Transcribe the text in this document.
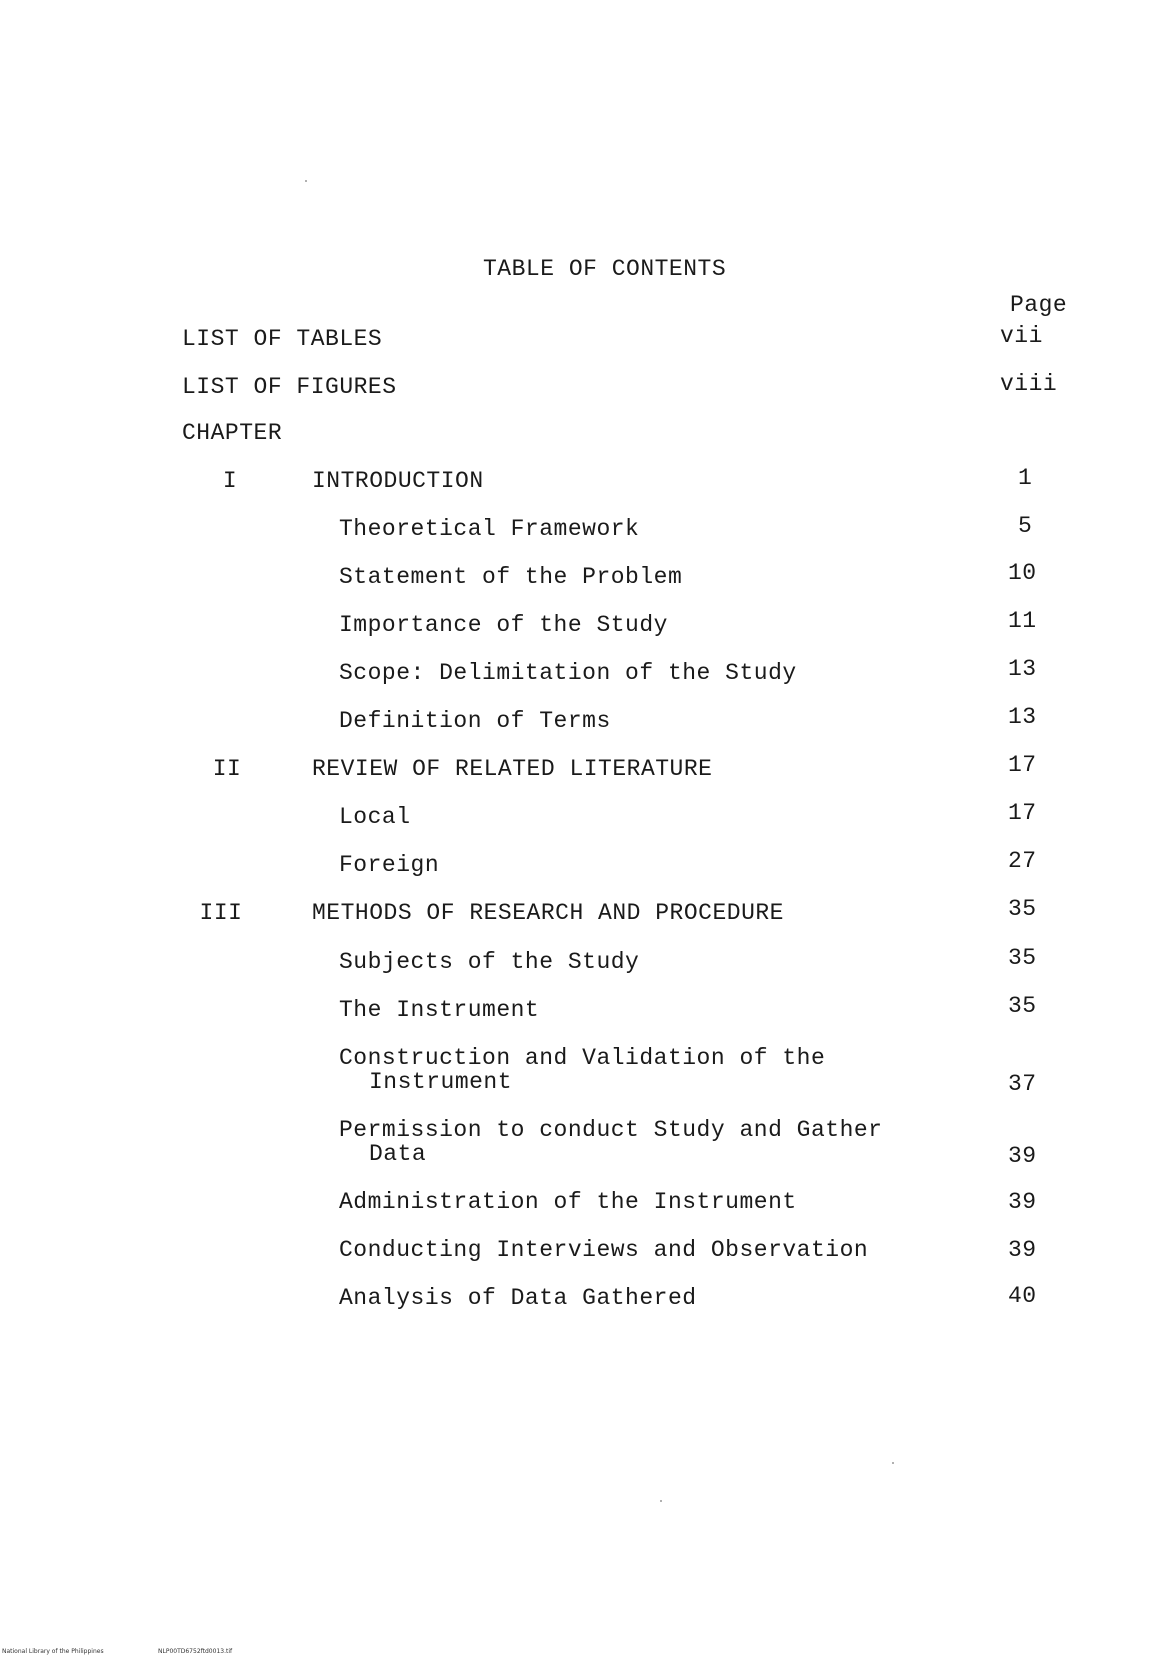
TABLE OF CONTENTS
Page
LIST OF TABLES	vii
LIST OF FIGURES	viii
CHAPTER
I	INTRODUCTION	1
Theoretical Framework	5
Statement of the Problem	10
Importance of the Study	11
Scope: Delimitation of the Study	13
Definition of Terms	13
II	REVIEW OF RELATED LITERATURE	17
Local	17
Foreign	27
III	METHODS OF RESEARCH AND PROCEDURE	35
Subjects of the Study	35
The Instrument	35
Construction and Validation of the
Instrument	37
Permission to conduct Study and Gather
Data	39
Administration of the Instrument	39
Conducting Interviews and Observation	39
Analysis of Data Gathered	40
National Library of the Philippines	NLP00TD6752ftd0013.tif
